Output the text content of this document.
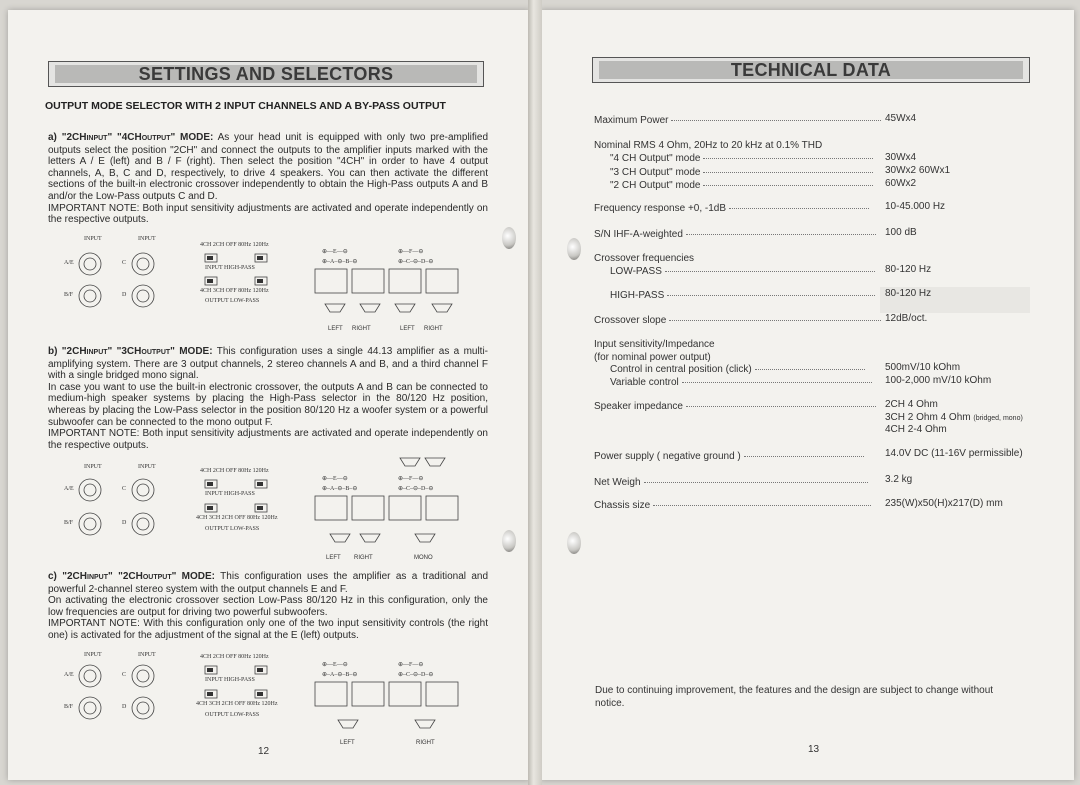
SETTINGS AND SELECTORS
OUTPUT MODE SELECTOR WITH 2 INPUT CHANNELS AND A BY-PASS OUTPUT

a) "2CHINPUT" "4CHOUTPUT" MODE: As your head unit is equipped with only two pre-amplified outputs select the position "2CH" and connect the outputs to the amplifier inputs marked with the letters A / E (left) and B / F (right). Then select the position "4CH" in order to have 4 output channels, A, B, C and D, respectively, to drive 4 speakers. You can then activate the different sections of the built-in electronic crossover independently to obtain the High-Pass outputs A and B and/or the Low-Pass outputs C and D.

IMPORTANT NOTE: Both input sensitivity adjustments are activated and operate independently on the respective outputs.

INPUT	INPUT
A/E	C
B/F	D
4CH 2CH OFF 80Hz 120Hz
INPUT HIGH-PASS
4CH 3CH OFF 80Hz 120Hz
OUTPUT LOW-PASS
⊕—E—⊖	⊕—F—⊖
⊕–A–⊖–B–⊖	⊕–C–⊖–D–⊖
LEFT RIGHT	LEFT RIGHT

b) "2CHINPUT" "3CHOUTPUT" MODE: This configuration uses a single 44.13 amplifier as a multi-amplifying system. There are 3 output channels, 2 stereo channels A and B, and a third channel F with a single bridged mono signal.

In case you want to use the built-in electronic crossover, the outputs A and B can be connected to medium-high speaker systems by placing the High-Pass selector in the 80/120 Hz position, whereas by placing the Low-Pass selector in the position 80/120 Hz a woofer system or a powerful subwoofer can be connected to the mono output F.

IMPORTANT NOTE: Both input sensitivity adjustments are activated and operate independently on the respective outputs.

INPUT	INPUT
A/E	C
B/F	D
4CH 2CH OFF 80Hz 120Hz
INPUT HIGH-PASS
4CH 3CH 2CH OFF 80Hz 120Hz
OUTPUT LOW-PASS
⊕—E—⊖	⊕—F—⊖
⊕–A–⊖–B–⊖	⊕–C–⊖–D–⊖
LEFT RIGHT	MONO

c) "2CHINPUT" "2CHOUTPUT" MODE: This configuration uses the amplifier as a traditional and powerful 2-channel stereo system with the output channels E and F.

On activating the electronic crossover section Low-Pass 80/120 Hz in this configuration, only the low frequencies are output for driving two powerful subwoofers.

IMPORTANT NOTE: With this configuration only one of the two input sensitivity controls (the right one) is activated for the adjustment of the signal at the E (left) outputs.

INPUT	INPUT
A/E	C
B/F	D
4CH 2CH OFF 80Hz 120Hz
INPUT HIGH-PASS
4CH 3CH 2CH OFF 80Hz 120Hz
OUTPUT LOW-PASS
⊕—E—⊖	⊕—F—⊖
⊕–A–⊖–B–⊖	⊕–C–⊖–D–⊖
LEFT	RIGHT
12
TECHNICAL DATA
Maximum Power	45Wx4
Nominal RMS 4 Ohm, 20Hz to 20 kHz at 0.1% THD
"4 CH Output" mode	30Wx4
"3 CH Output" mode	30Wx2 60Wx1
"2 CH Output" mode	60Wx2
Frequency response +0, -1dB	10-45.000 Hz
S/N IHF-A-weighted	100 dB
Crossover frequencies
LOW-PASS	80-120 Hz
HIGH-PASS	80-120 Hz
Crossover slope	12dB/oct.
Input sensitivity/Impedance
(for nominal power output)
Control in central position (click)	500mV/10 kOhm
Variable control	100-2,000 mV/10 kOhm
Speaker impedance	2CH 4 Ohm
3CH 2 Ohm 4 Ohm (bridged, mono)
4CH 2-4 Ohm
Power supply ( negative ground )	14.0V DC (11-16V permissible)
Net Weigh	3.2 kg
Chassis size	235(W)x50(H)x217(D) mm
Due to continuing improvement, the features and the design are subject to change without notice.
13
